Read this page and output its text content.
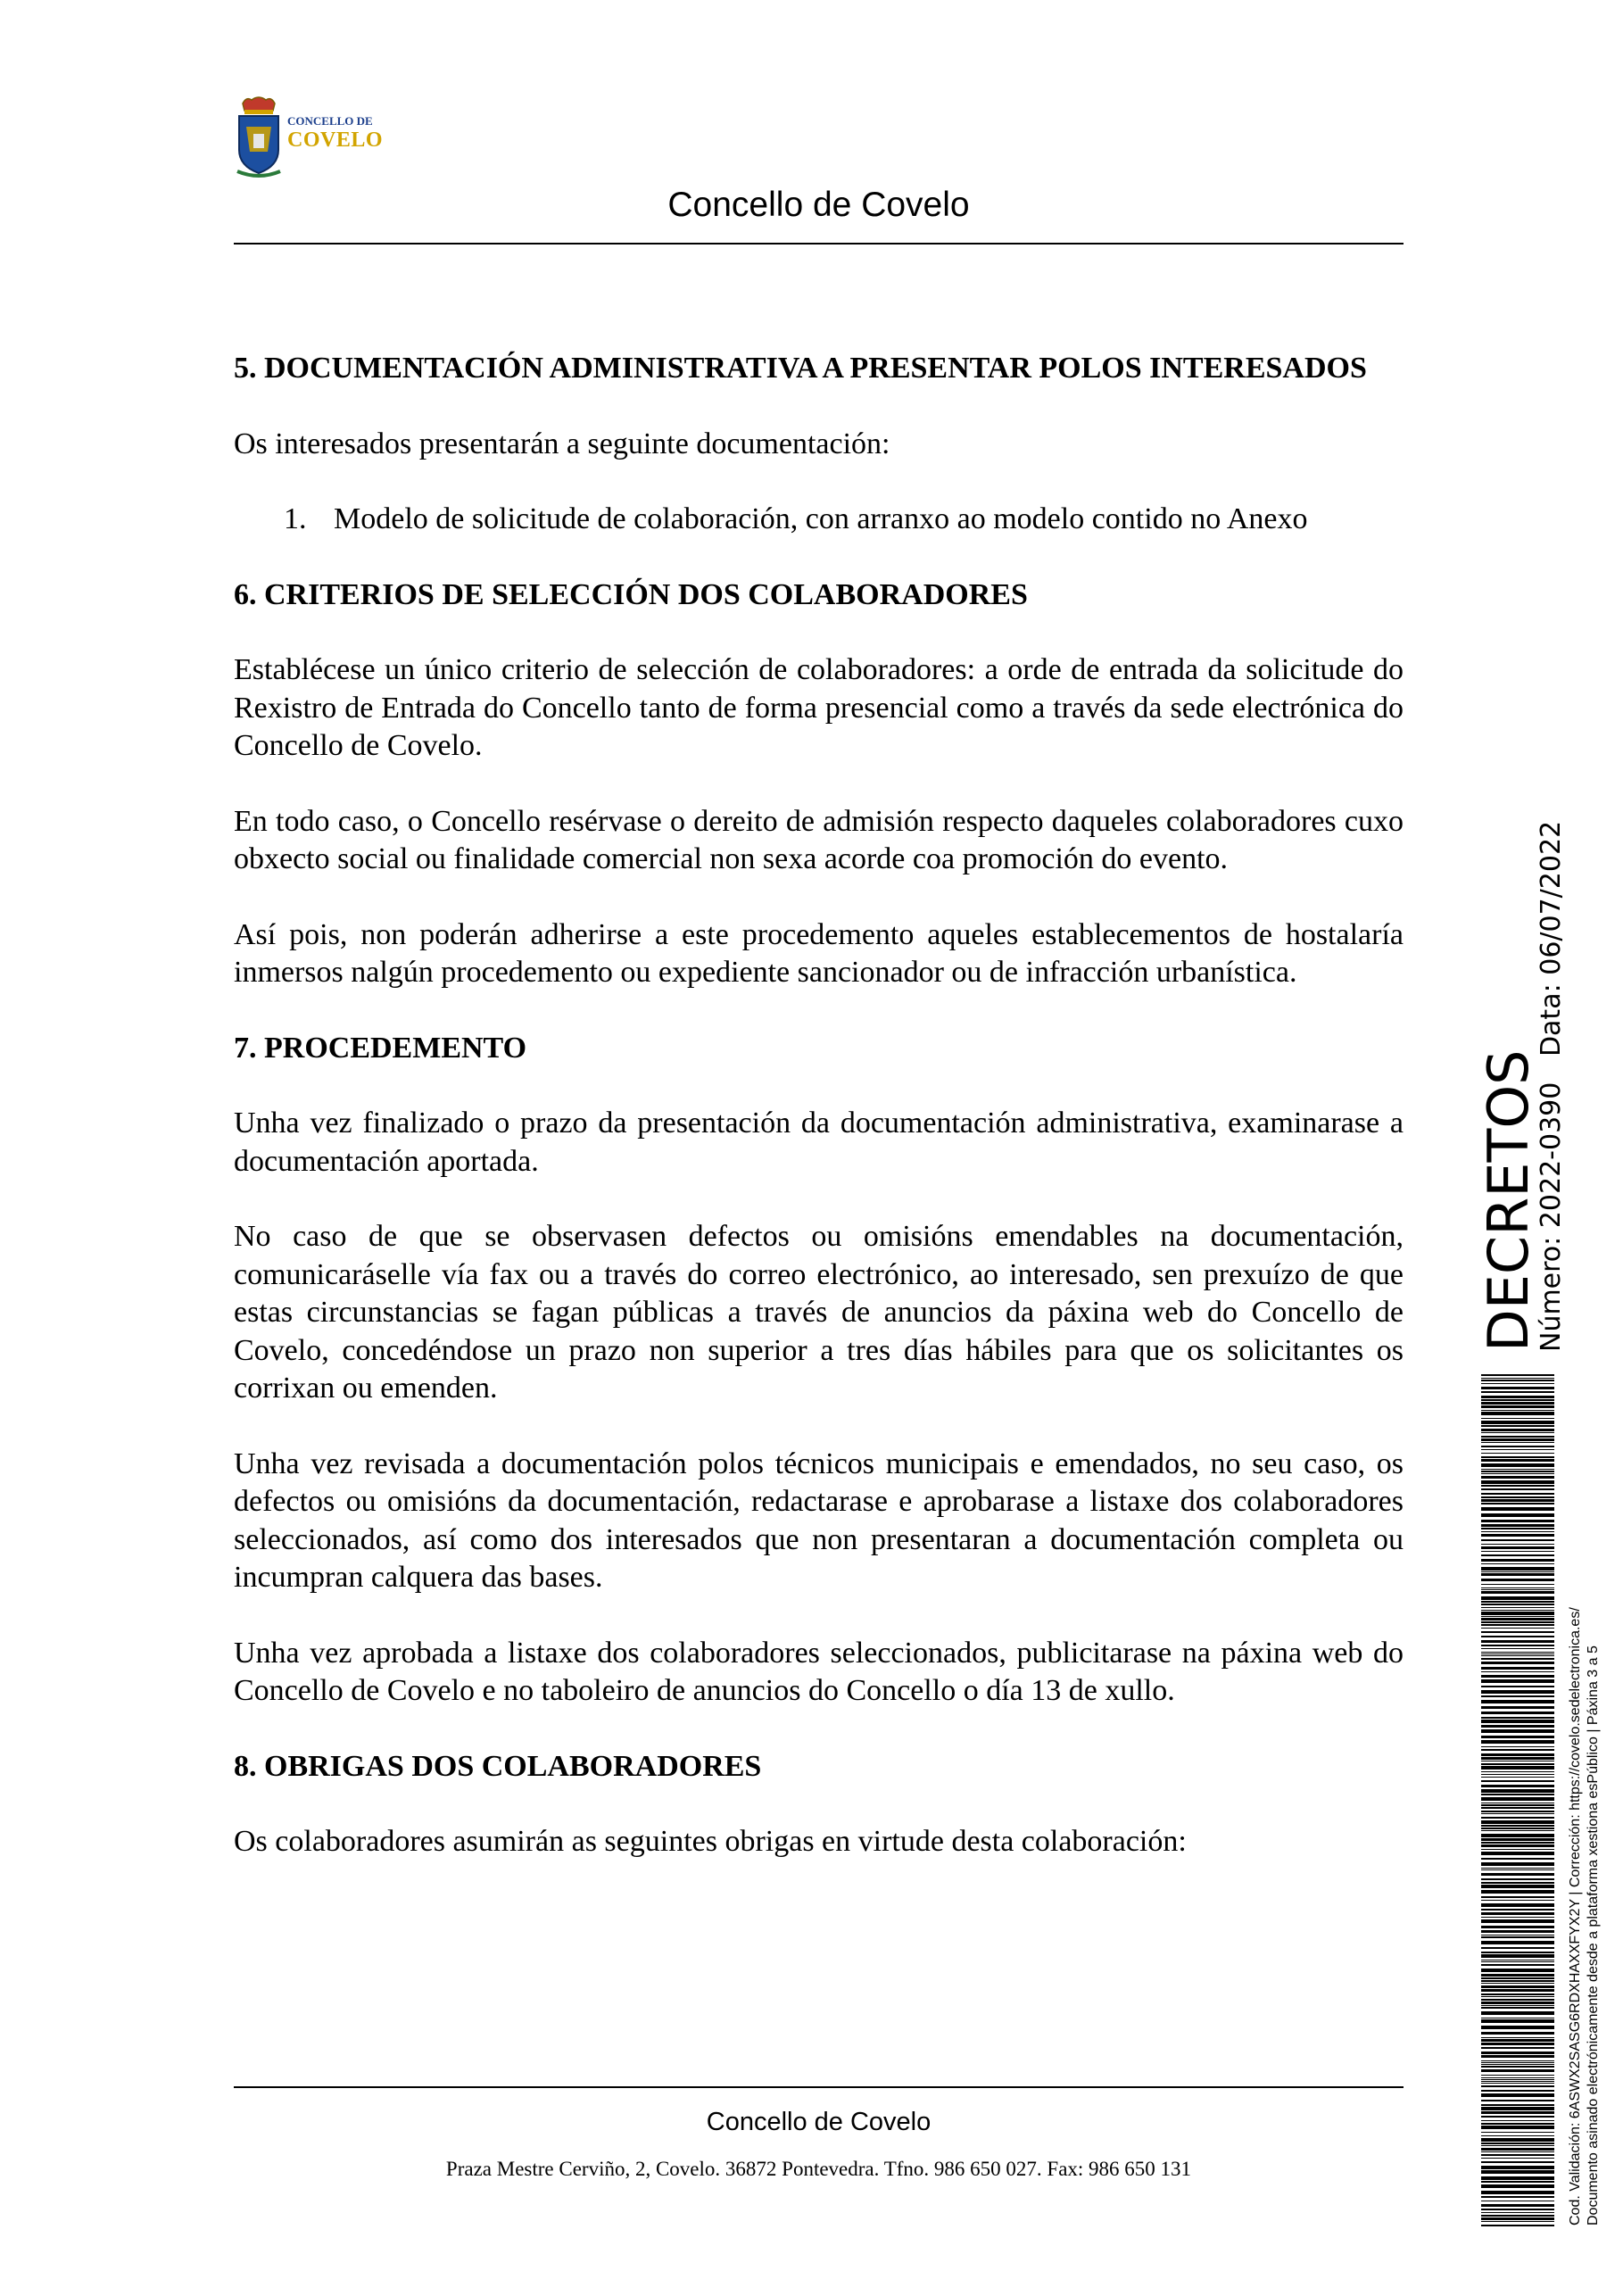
CONCELLO DE
COVELO
Concello de Covelo
5. DOCUMENTACIÓN ADMINISTRATIVA A PRESENTAR POLOS INTERESADOS

Os interesados presentarán a seguinte documentación:

1. Modelo de solicitude de colaboración, con arranxo ao modelo contido no Anexo
6. CRITERIOS DE SELECCIÓN DOS COLABORADORES

Establécese un único criterio de selección de colaboradores: a orde de entrada da solicitude do Rexistro de Entrada do Concello tanto de forma presencial como a través da sede electrónica do Concello de Covelo.

En todo caso, o Concello resérvase o dereito de admisión respecto daqueles colaboradores cuxo obxecto social ou finalidade comercial non sexa acorde coa promoción do evento.

Así pois, non poderán adherirse a este procedemento aqueles establecementos de hostalaría inmersos nalgún procedemento ou expediente sancionador ou de infracción urbanística.

7. PROCEDEMENTO

Unha vez finalizado o prazo da presentación da documentación administrativa, examinarase a documentación aportada.

No caso de que se observasen defectos ou omisións emendables na documentación, comunicaráselle vía fax ou a través do correo electrónico, ao interesado, sen prexuízo de que estas circunstancias se fagan públicas a través de anuncios da páxina web do Concello de Covelo, concedéndose un prazo non superior a tres días hábiles para que os solicitantes os corrixan ou emenden.

Unha vez revisada a documentación polos técnicos municipais e emendados, no seu caso, os defectos ou omisións da documentación, redactarase e aprobarase a listaxe dos colaboradores seleccionados, así como dos interesados que non presentaran a documentación completa ou incumpran calquera das bases.

Unha vez aprobada a listaxe dos colaboradores seleccionados, publicitarase na páxina web do Concello de Covelo e no taboleiro de anuncios do Concello o día 13 de xullo.

8. OBRIGAS DOS COLABORADORES

Os colaboradores asumirán as seguintes obrigas en virtude desta colaboración:

Concello de Covelo
Praza Mestre Cerviño, 2, Covelo. 36872 Pontevedra. Tfno. 986 650 027. Fax: 986 650 131
DECRETOS
Número: 2022-0390   Data: 06/07/2022
Cod. Validación: 6ASWX2SASG6RDXHAXXFYX2Y | Corrección: https://covelo.sedelectronica.es/ Documento asinado electrónicamente desde a plataforma xestiona esPúblico | Páxina 3 a 5
